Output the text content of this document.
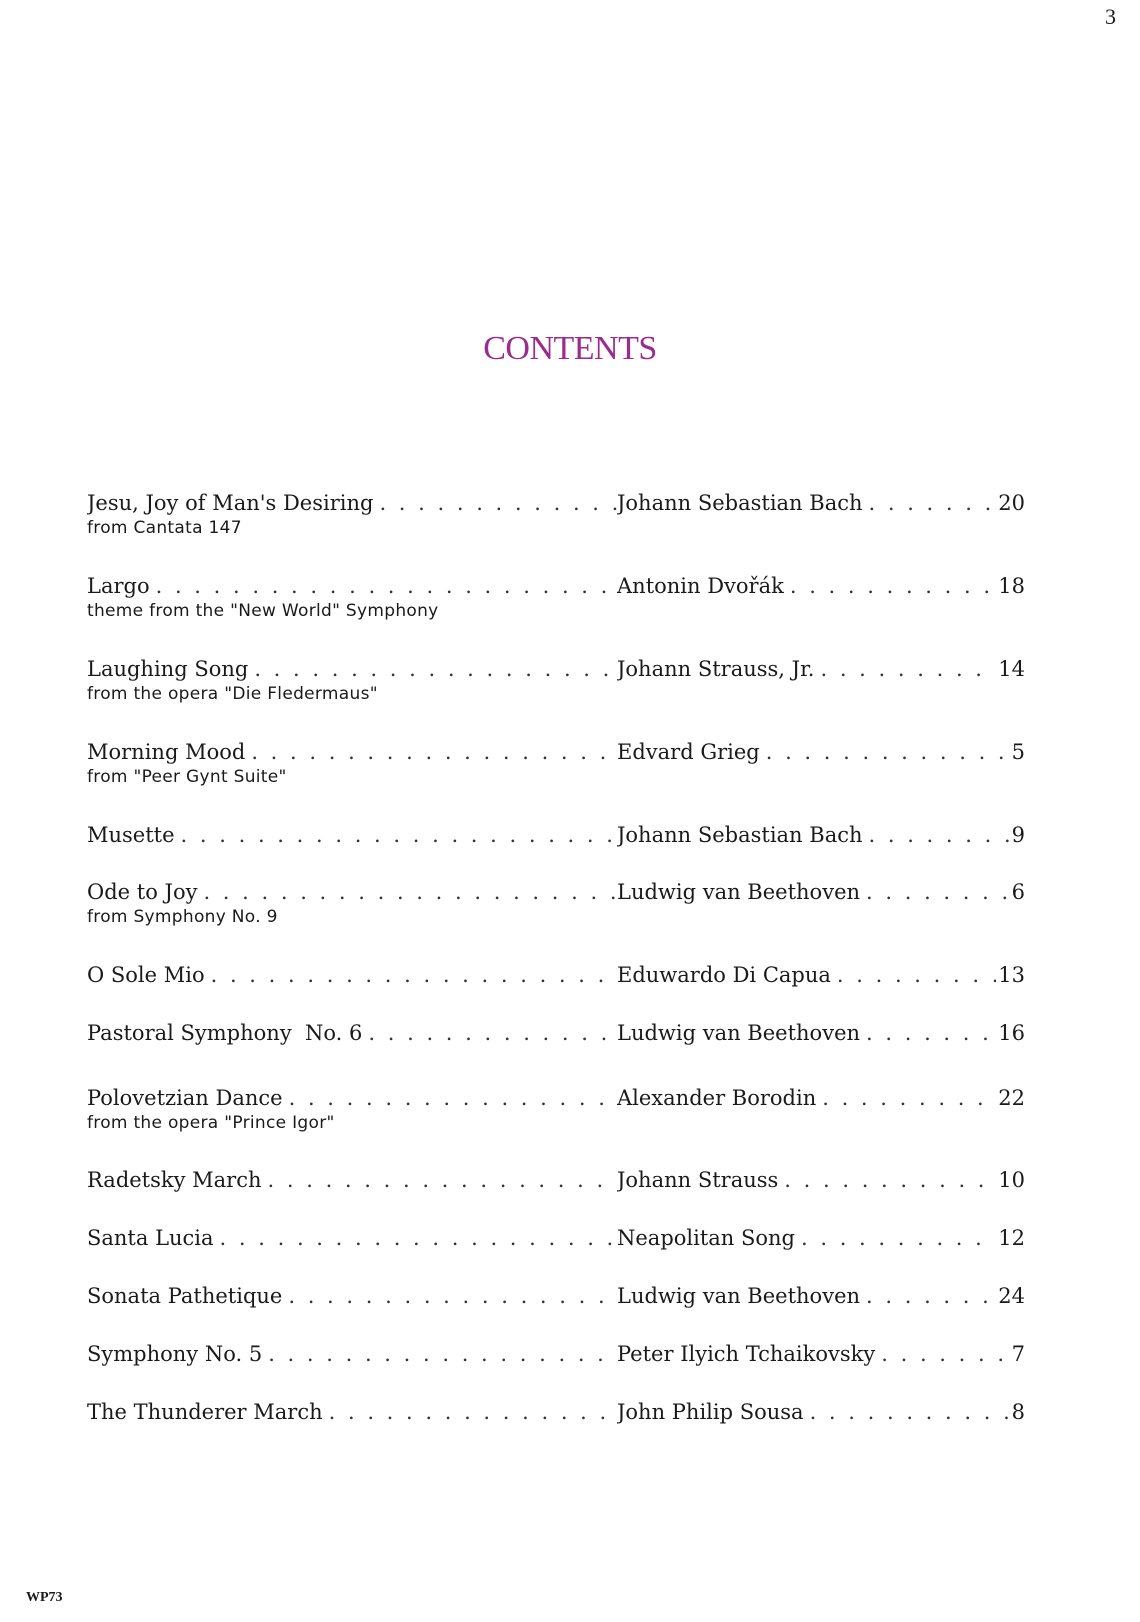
3
CONTENTS
Jesu, Joy of Man's Desiring . . .	Johann Sebastian Bach . . .	20
from Cantata 147
Largo . . .	Antonin Dvořák . . .	18
theme from the "New World" Symphony
Laughing Song . . .	Johann Strauss, Jr. . . .	14
from the opera "Die Fledermaus"
Morning Mood . . .	Edvard Grieg . . .	5
from "Peer Gynt Suite"
Musette . . .	Johann Sebastian Bach . . .	9
Ode to Joy . . .	Ludwig van Beethoven . . .	6
from Symphony No. 9
O Sole Mio . . .	Eduwardo Di Capua . . .	13
Pastoral Symphony  No. 6 . . .	Ludwig van Beethoven . . .	16
Polovetzian Dance . . .	Alexander Borodin . . .	22
from the opera "Prince Igor"
Radetsky March . . .	Johann Strauss . . .	10
Santa Lucia . . .	Neapolitan Song . . .	12
Sonata Pathetique . . .	Ludwig van Beethoven . . .	24
Symphony No. 5 . . .	Peter Ilyich Tchaikovsky . . .	7
The Thunderer March . . .	John Philip Sousa . . .	8
WP73
